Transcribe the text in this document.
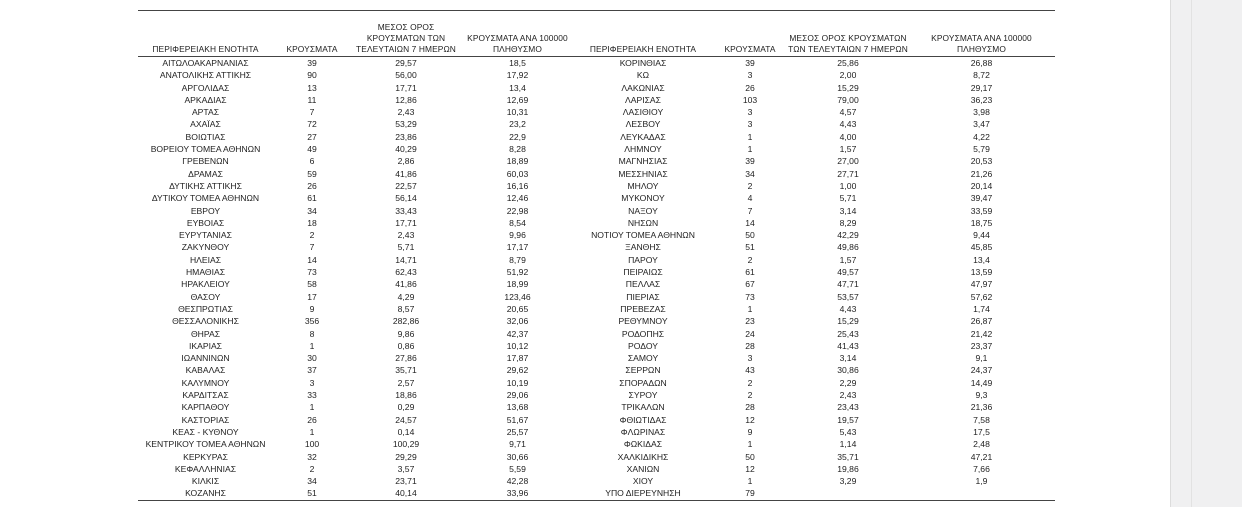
ΠΕΡΙΦΕΡΕΙΑΚΗ ΕΝΟΤΗΤΑ	ΚΡΟΥΣΜΑΤΑ	ΜΕΣΟΣ ΟΡΟΣ ΚΡΟΥΣΜΑΤΩΝ ΤΩΝ ΤΕΛΕΥΤΑΙΩΝ 7 ΗΜΕΡΩΝ	ΚΡΟΥΣΜΑΤΑ ΑΝΑ 100000 ΠΛΗΘΥΣΜΟ	ΠΕΡΙΦΕΡΕΙΑΚΗ ΕΝΟΤΗΤΑ	ΚΡΟΥΣΜΑΤΑ	ΜΕΣΟΣ ΟΡΟΣ ΚΡΟΥΣΜΑΤΩΝ ΤΩΝ ΤΕΛΕΥΤΑΙΩΝ 7 ΗΜΕΡΩΝ	ΚΡΟΥΣΜΑΤΑ ΑΝΑ 100000 ΠΛΗΘΥΣΜΟ
ΑΙΤΩΛΟΑΚΑΡΝΑΝΙΑΣ	39	29,57	18,5	ΚΟΡΙΝΘΙΑΣ	39	25,86	26,88
ΑΝΑΤΟΛΙΚΗΣ ΑΤΤΙΚΗΣ	90	56,00	17,92	ΚΩ	3	2,00	8,72
ΑΡΓΟΛΙΔΑΣ	13	17,71	13,4	ΛΑΚΩΝΙΑΣ	26	15,29	29,17
ΑΡΚΑΔΙΑΣ	11	12,86	12,69	ΛΑΡΙΣΑΣ	103	79,00	36,23
ΑΡΤΑΣ	7	2,43	10,31	ΛΑΣΙΘΙΟΥ	3	4,57	3,98
ΑΧΑΪΑΣ	72	53,29	23,2	ΛΕΣΒΟΥ	3	4,43	3,47
ΒΟΙΩΤΙΑΣ	27	23,86	22,9	ΛΕΥΚΑΔΑΣ	1	4,00	4,22
ΒΟΡΕΙΟΥ ΤΟΜΕΑ ΑΘΗΝΩΝ	49	40,29	8,28	ΛΗΜΝΟΥ	1	1,57	5,79
ΓΡΕΒΕΝΩΝ	6	2,86	18,89	ΜΑΓΝΗΣΙΑΣ	39	27,00	20,53
ΔΡΑΜΑΣ	59	41,86	60,03	ΜΕΣΣΗΝΙΑΣ	34	27,71	21,26
ΔΥΤΙΚΗΣ ΑΤΤΙΚΗΣ	26	22,57	16,16	ΜΗΛΟΥ	2	1,00	20,14
ΔΥΤΙΚΟΥ ΤΟΜΕΑ ΑΘΗΝΩΝ	61	56,14	12,46	ΜΥΚΟΝΟΥ	4	5,71	39,47
ΕΒΡΟΥ	34	33,43	22,98	ΝΑΞΟΥ	7	3,14	33,59
ΕΥΒΟΙΑΣ	18	17,71	8,54	ΝΗΣΩΝ	14	8,29	18,75
ΕΥΡΥΤΑΝΙΑΣ	2	2,43	9,96	ΝΟΤΙΟΥ ΤΟΜΕΑ ΑΘΗΝΩΝ	50	42,29	9,44
ΖΑΚΥΝΘΟΥ	7	5,71	17,17	ΞΑΝΘΗΣ	51	49,86	45,85
ΗΛΕΙΑΣ	14	14,71	8,79	ΠΑΡΟΥ	2	1,57	13,4
ΗΜΑΘΙΑΣ	73	62,43	51,92	ΠΕΙΡΑΙΩΣ	61	49,57	13,59
ΗΡΑΚΛΕΙΟΥ	58	41,86	18,99	ΠΕΛΛΑΣ	67	47,71	47,97
ΘΑΣΟΥ	17	4,29	123,46	ΠΙΕΡΙΑΣ	73	53,57	57,62
ΘΕΣΠΡΩΤΙΑΣ	9	8,57	20,65	ΠΡΕΒΕΖΑΣ	1	4,43	1,74
ΘΕΣΣΑΛΟΝΙΚΗΣ	356	282,86	32,06	ΡΕΘΥΜΝΟΥ	23	15,29	26,87
ΘΗΡΑΣ	8	9,86	42,37	ΡΟΔΟΠΗΣ	24	25,43	21,42
ΙΚΑΡΙΑΣ	1	0,86	10,12	ΡΟΔΟΥ	28	41,43	23,37
ΙΩΑΝΝΙΝΩΝ	30	27,86	17,87	ΣΑΜΟΥ	3	3,14	9,1
ΚΑΒΑΛΑΣ	37	35,71	29,62	ΣΕΡΡΩΝ	43	30,86	24,37
ΚΑΛΥΜΝΟΥ	3	2,57	10,19	ΣΠΟΡΑΔΩΝ	2	2,29	14,49
ΚΑΡΔΙΤΣΑΣ	33	18,86	29,06	ΣΥΡΟΥ	2	2,43	9,3
ΚΑΡΠΑΘΟΥ	1	0,29	13,68	ΤΡΙΚΑΛΩΝ	28	23,43	21,36
ΚΑΣΤΟΡΙΑΣ	26	24,57	51,67	ΦΘΙΩΤΙΔΑΣ	12	19,57	7,58
ΚΕΑΣ - ΚΥΘΝΟΥ	1	0,14	25,57	ΦΛΩΡΙΝΑΣ	9	5,43	17,5
ΚΕΝΤΡΙΚΟΥ ΤΟΜΕΑ ΑΘΗΝΩΝ	100	100,29	9,71	ΦΩΚΙΔΑΣ	1	1,14	2,48
ΚΕΡΚΥΡΑΣ	32	29,29	30,66	ΧΑΛΚΙΔΙΚΗΣ	50	35,71	47,21
ΚΕΦΑΛΛΗΝΙΑΣ	2	3,57	5,59	ΧΑΝΙΩΝ	12	19,86	7,66
ΚΙΛΚΙΣ	34	23,71	42,28	ΧΙΟΥ	1	3,29	1,9
ΚΟΖΑΝΗΣ	51	40,14	33,96	ΥΠΟ ΔΙΕΡΕΥΝΗΣΗ	79		
